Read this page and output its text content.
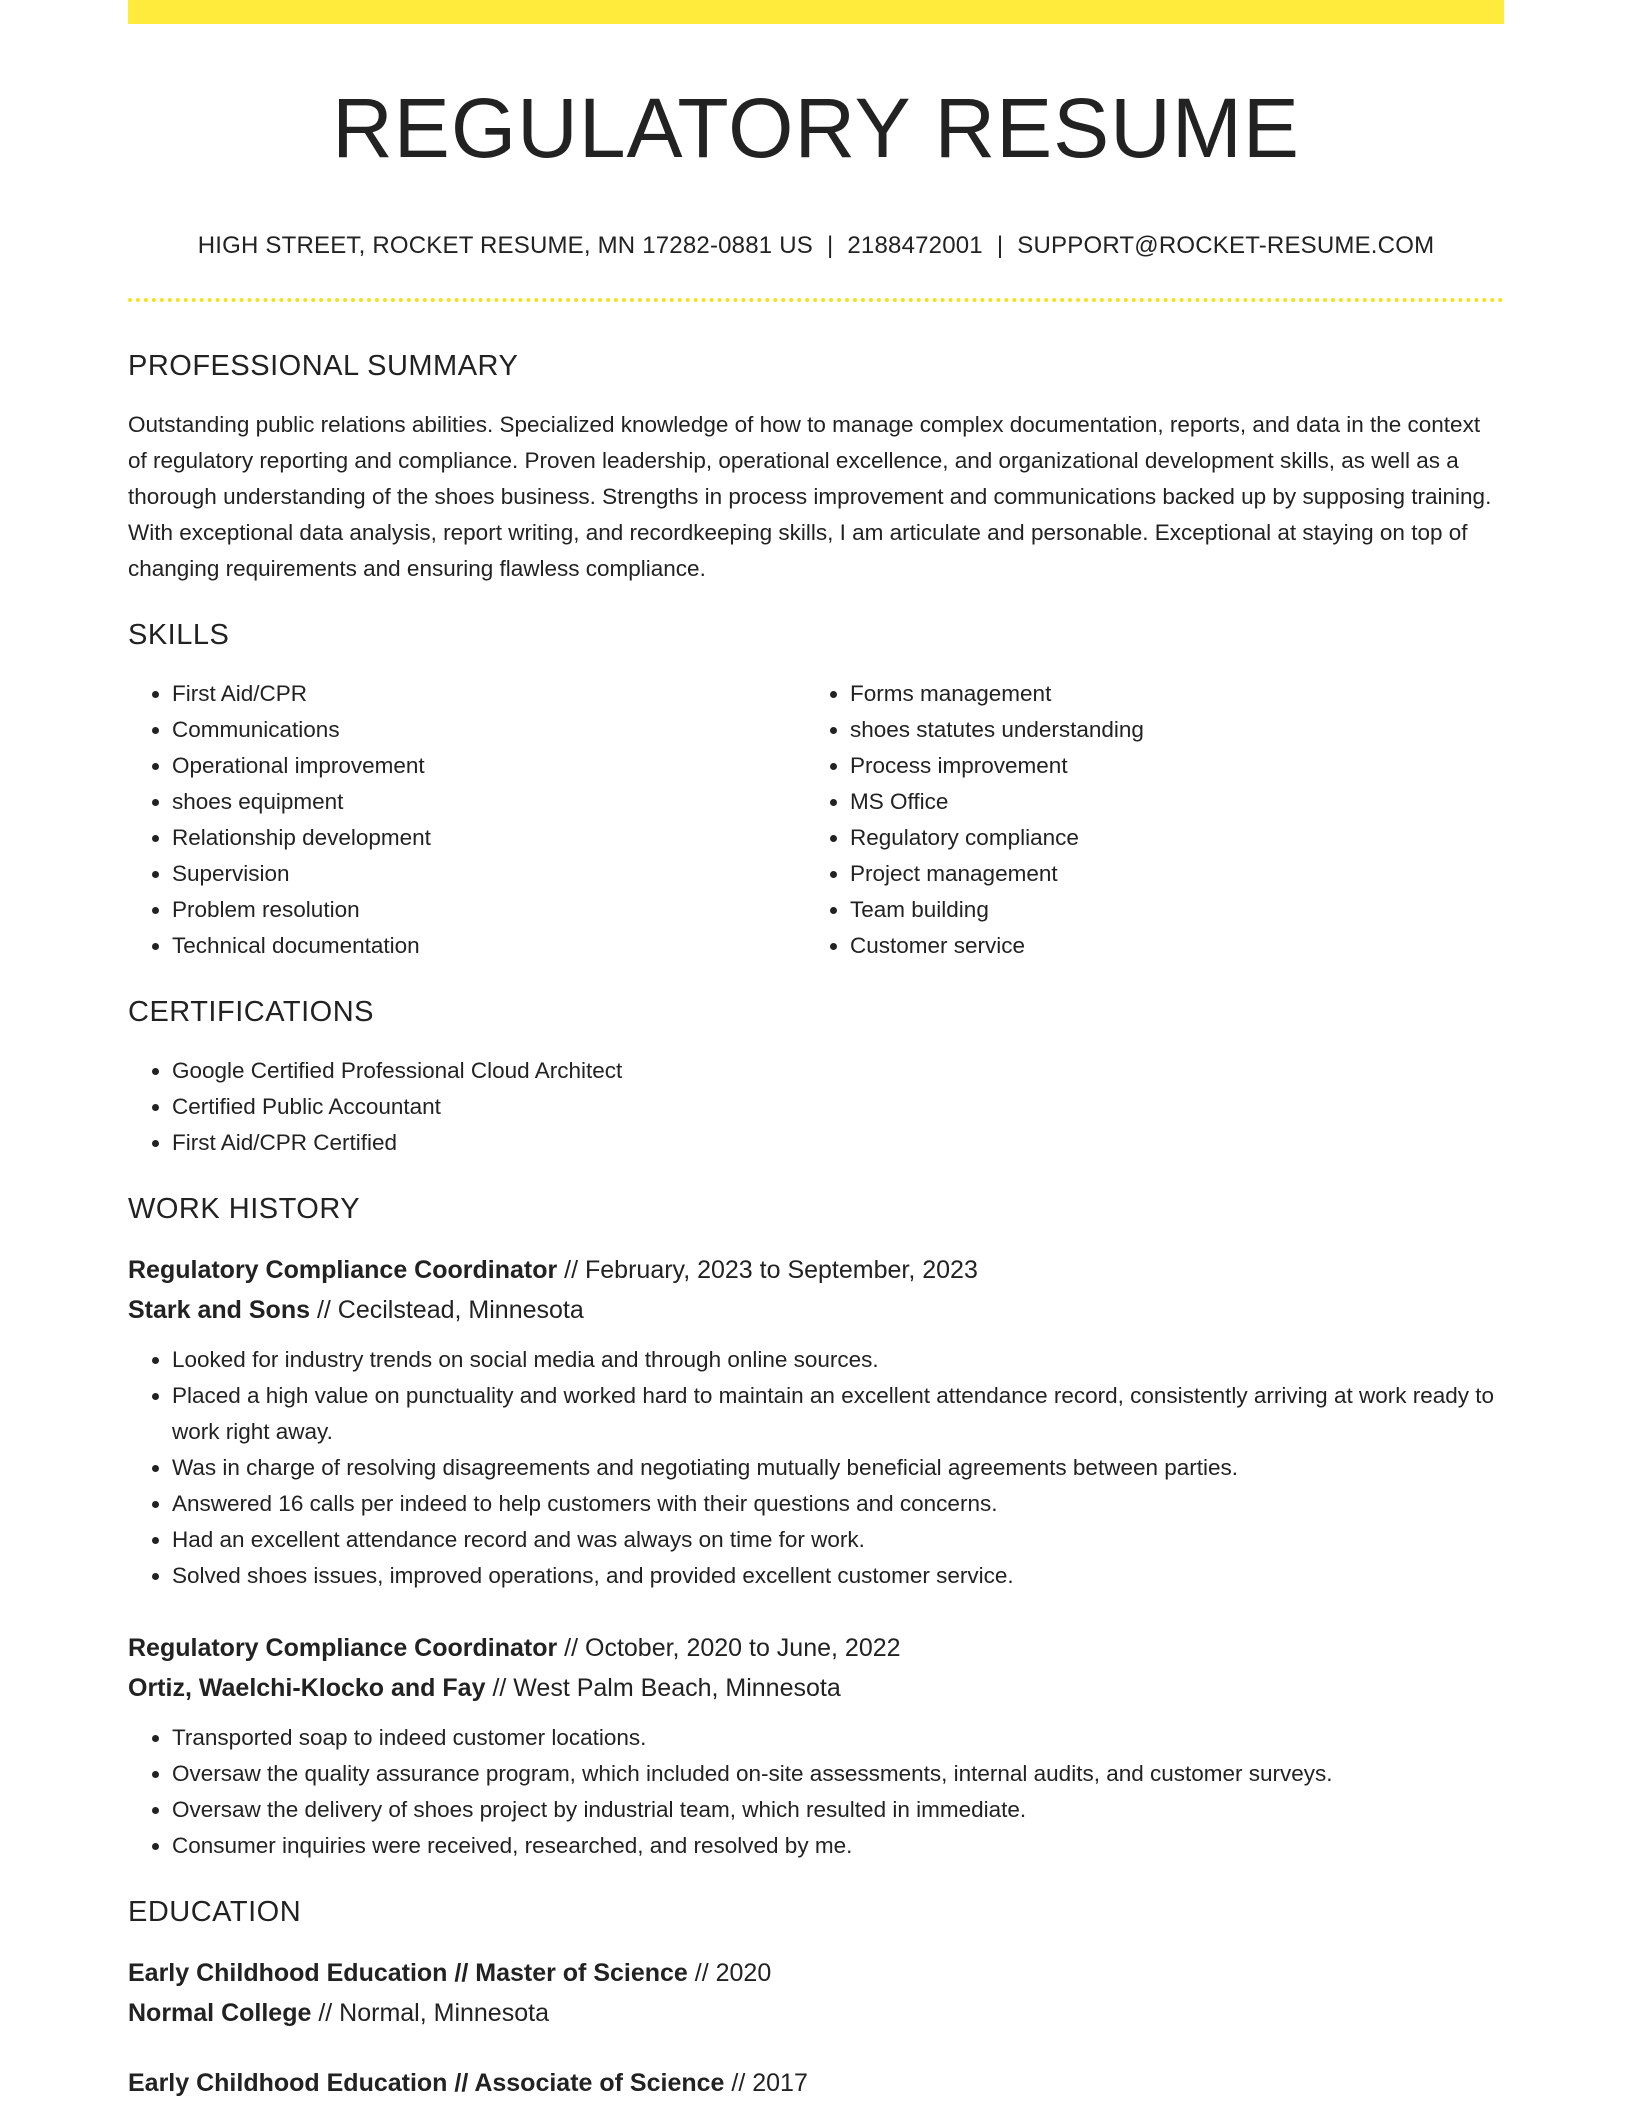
REGULATORY RESUME
HIGH STREET, ROCKET RESUME, MN 17282-0881 US | 2188472001 | SUPPORT@ROCKET-RESUME.COM
PROFESSIONAL SUMMARY

Outstanding public relations abilities. Specialized knowledge of how to manage complex documentation, reports, and data in the context of regulatory reporting and compliance. Proven leadership, operational excellence, and organizational development skills, as well as a thorough understanding of the shoes business. Strengths in process improvement and communications backed up by supposing training. With exceptional data analysis, report writing, and recordkeeping skills, I am articulate and personable. Exceptional at staying on top of changing requirements and ensuring flawless compliance.

SKILLS
• First Aid/CPR
• Communications
• Operational improvement
• shoes equipment
• Relationship development
• Supervision
• Problem resolution
• Technical documentation
• Forms management
• shoes statutes understanding
• Process improvement
• MS Office
• Regulatory compliance
• Project management
• Team building
• Customer service
CERTIFICATIONS
• Google Certified Professional Cloud Architect
• Certified Public Accountant
• First Aid/CPR Certified
WORK HISTORY
Regulatory Compliance Coordinator // February, 2023 to September, 2023
Stark and Sons // Cecilstead, Minnesota
• Looked for industry trends on social media and through online sources.
• Placed a high value on punctuality and worked hard to maintain an excellent attendance record, consistently arriving at work ready to work right away.
• Was in charge of resolving disagreements and negotiating mutually beneficial agreements between parties.
• Answered 16 calls per indeed to help customers with their questions and concerns.
• Had an excellent attendance record and was always on time for work.
• Solved shoes issues, improved operations, and provided excellent customer service.
Regulatory Compliance Coordinator // October, 2020 to June, 2022
Ortiz, Waelchi-Klocko and Fay // West Palm Beach, Minnesota
• Transported soap to indeed customer locations.
• Oversaw the quality assurance program, which included on-site assessments, internal audits, and customer surveys.
• Oversaw the delivery of shoes project by industrial team, which resulted in immediate.
• Consumer inquiries were received, researched, and resolved by me.
EDUCATION
Early Childhood Education // Master of Science // 2020
Normal College // Normal, Minnesota
Early Childhood Education // Associate of Science // 2017
